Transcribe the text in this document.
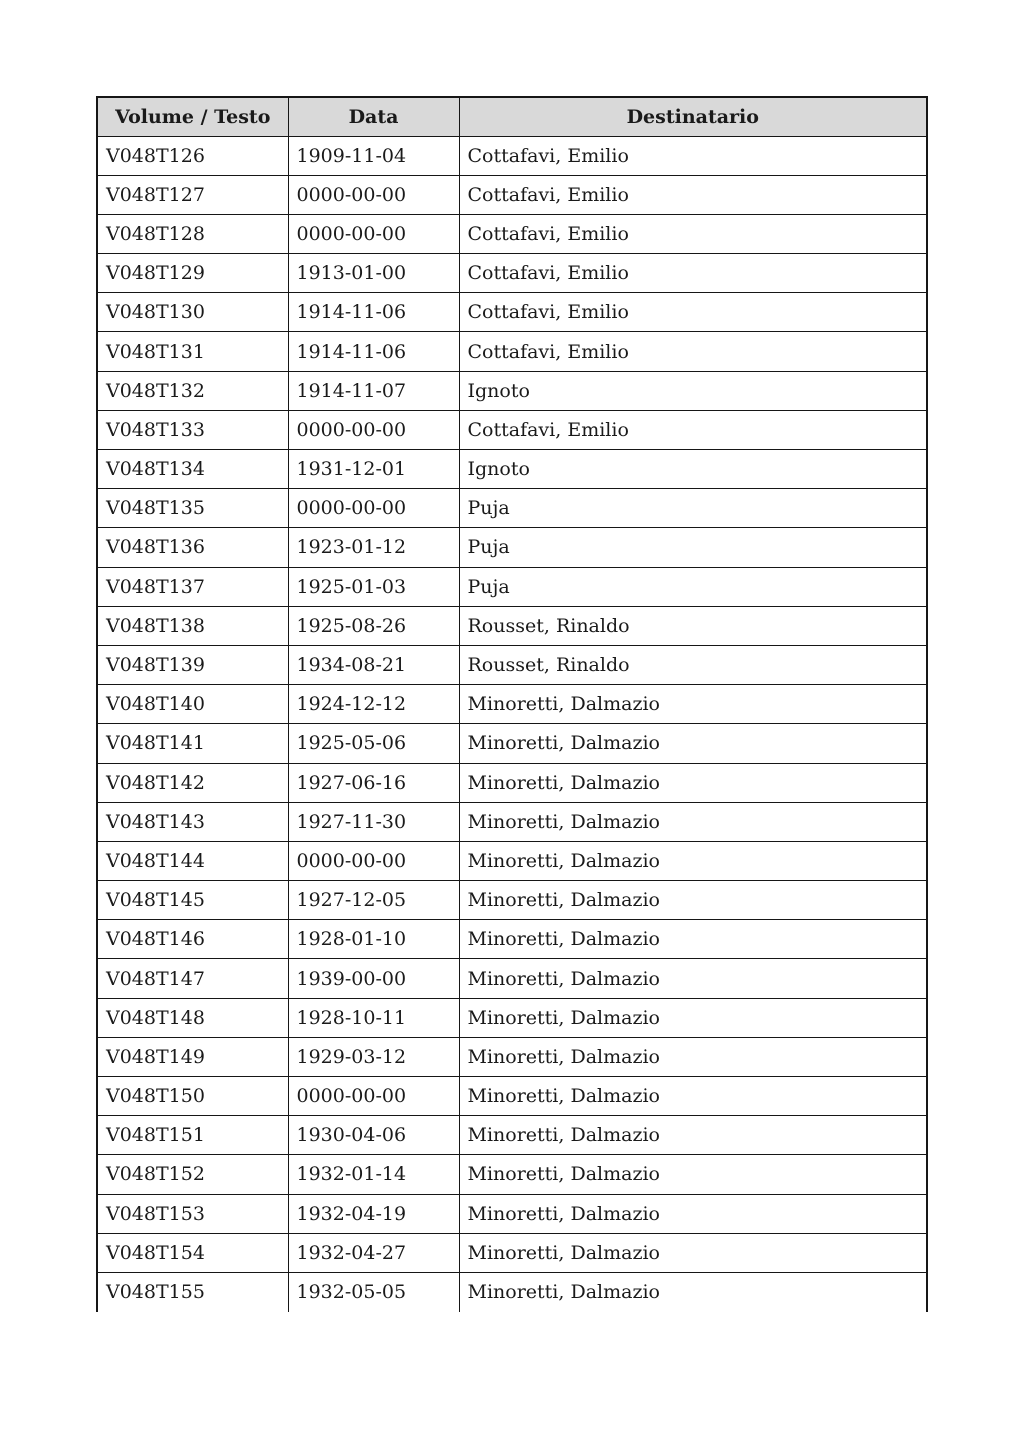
Volume / Testo	Data	Destinatario
V048T126	1909-11-04	Cottafavi, Emilio
V048T127	0000-00-00	Cottafavi, Emilio
V048T128	0000-00-00	Cottafavi, Emilio
V048T129	1913-01-00	Cottafavi, Emilio
V048T130	1914-11-06	Cottafavi, Emilio
V048T131	1914-11-06	Cottafavi, Emilio
V048T132	1914-11-07	Ignoto
V048T133	0000-00-00	Cottafavi, Emilio
V048T134	1931-12-01	Ignoto
V048T135	0000-00-00	Puja
V048T136	1923-01-12	Puja
V048T137	1925-01-03	Puja
V048T138	1925-08-26	Rousset, Rinaldo
V048T139	1934-08-21	Rousset, Rinaldo
V048T140	1924-12-12	Minoretti, Dalmazio
V048T141	1925-05-06	Minoretti, Dalmazio
V048T142	1927-06-16	Minoretti, Dalmazio
V048T143	1927-11-30	Minoretti, Dalmazio
V048T144	0000-00-00	Minoretti, Dalmazio
V048T145	1927-12-05	Minoretti, Dalmazio
V048T146	1928-01-10	Minoretti, Dalmazio
V048T147	1939-00-00	Minoretti, Dalmazio
V048T148	1928-10-11	Minoretti, Dalmazio
V048T149	1929-03-12	Minoretti, Dalmazio
V048T150	0000-00-00	Minoretti, Dalmazio
V048T151	1930-04-06	Minoretti, Dalmazio
V048T152	1932-01-14	Minoretti, Dalmazio
V048T153	1932-04-19	Minoretti, Dalmazio
V048T154	1932-04-27	Minoretti, Dalmazio
V048T155	1932-05-05	Minoretti, Dalmazio
